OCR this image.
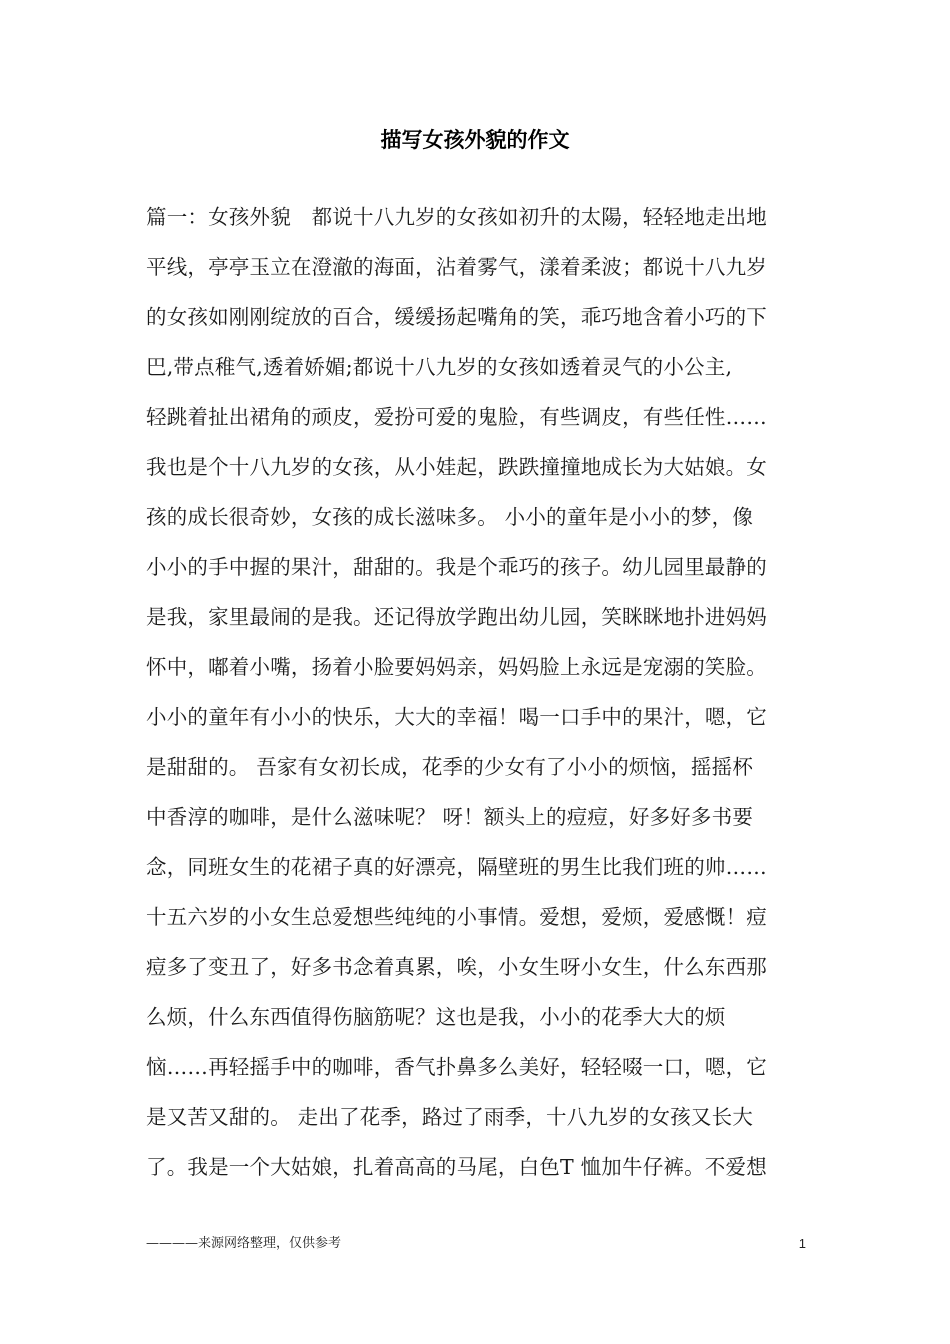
描写女孩外貌的作文
篇一：女孩外貌　都说十八九岁的女孩如初升的太陽，轻轻地走出地
平线，亭亭玉立在澄澈的海面，沾着雾气，漾着柔波；都说十八九岁
的女孩如刚刚绽放的百合，缓缓扬起嘴角的笑，乖巧地含着小巧的下
巴,带点稚气,透着娇媚;都说十八九岁的女孩如透着灵气的小公主,
轻跳着扯出裙角的顽皮，爱扮可爱的鬼脸，有些调皮，有些任性……
我也是个十八九岁的女孩，从小娃起，跌跌撞撞地成长为大姑娘。女
孩的成长很奇妙，女孩的成长滋味多。 小小的童年是小小的梦，像
小小的手中握的果汁，甜甜的。我是个乖巧的孩子。幼儿园里最静的
是我，家里最闹的是我。还记得放学跑出幼儿园，笑眯眯地扑进妈妈
怀中，嘟着小嘴，扬着小脸要妈妈亲，妈妈脸上永远是宠溺的笑脸。
小小的童年有小小的快乐，大大的幸福！喝一口手中的果汁，嗯，它
是甜甜的。 吾家有女初长成，花季的少女有了小小的烦恼，摇摇杯
中香淳的咖啡，是什么滋味呢？ 呀！额头上的痘痘，好多好多书要
念，同班女生的花裙子真的好漂亮，隔壁班的男生比我们班的帅……
十五六岁的小女生总爱想些纯纯的小事情。爱想，爱烦，爱感慨！痘
痘多了变丑了，好多书念着真累，唉，小女生呀小女生，什么东西那
么烦，什么东西值得伤脑筋呢？这也是我，小小的花季大大的烦
恼……再轻摇手中的咖啡，香气扑鼻多么美好，轻轻啜一口，嗯，它
是又苦又甜的。 走出了花季，路过了雨季，十八九岁的女孩又长大
了。我是一个大姑娘，扎着高高的马尾，白色T 恤加牛仔裤。不爱想
————来源网络整理，仅供参考	1
